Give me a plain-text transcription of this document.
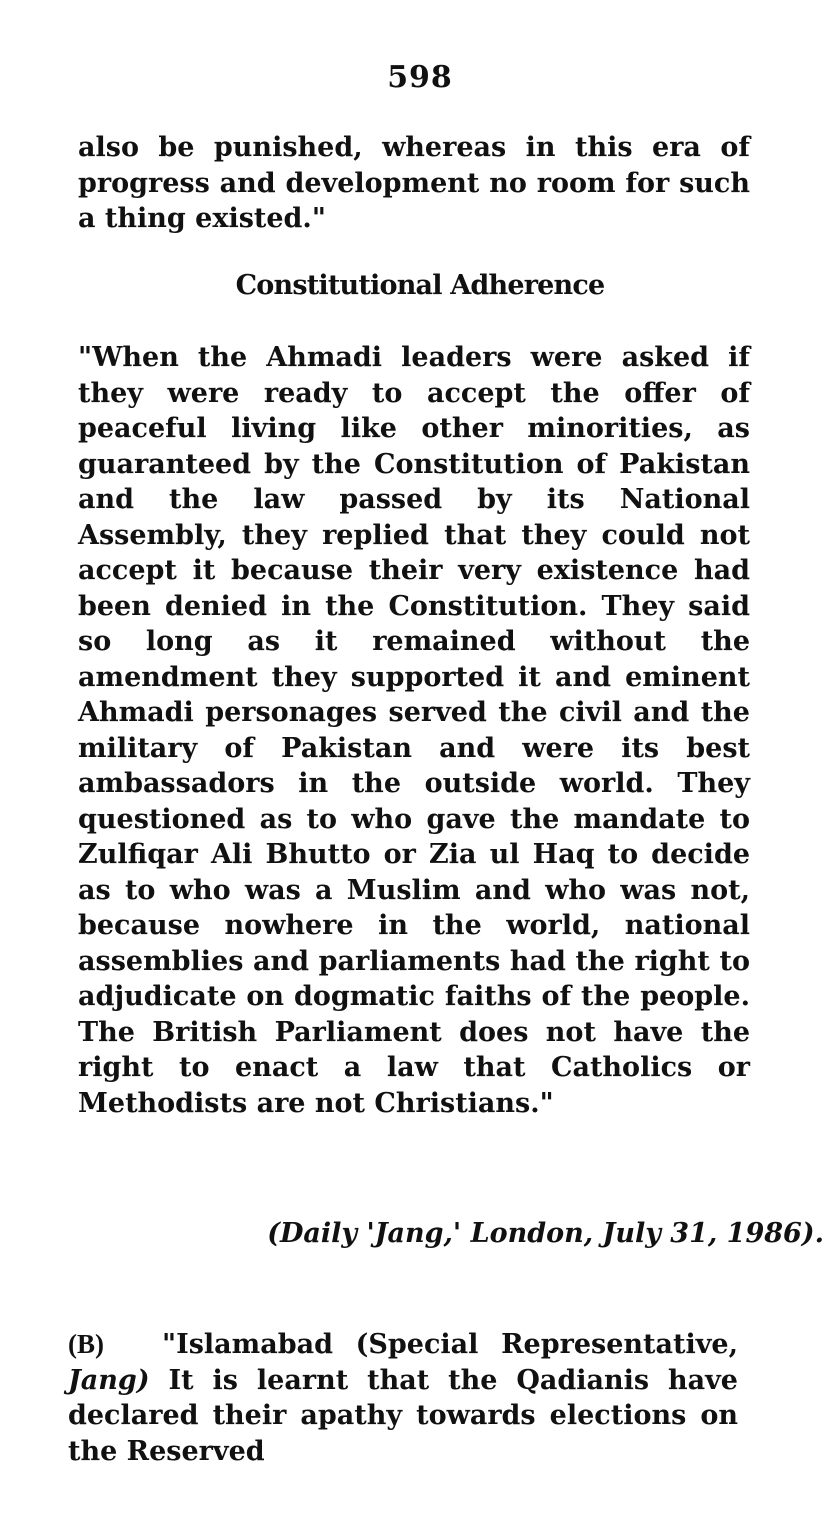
598

also be punished, whereas in this era of progress and development no room for such a thing existed."

Constitutional Adherence

"When the Ahmadi leaders were asked if they were ready to accept the offer of peaceful living like other minorities, as guaranteed by the Constitution of Pakistan and the law passed by its National Assembly, they replied that they could not accept it because their very existence had been denied in the Constitution. They said so long as it remained without the amendment they supported it and eminent Ahmadi personages served the civil and the military of Pakistan and were its best ambassadors in the outside world. They questioned as to who gave the mandate to Zulfiqar Ali Bhutto or Zia ul Haq to decide as to who was a Muslim and who was not, because nowhere in the world, national assemblies and parliaments had the right to adjudicate on dogmatic faiths of the people. The British Parliament does not have the right to enact a law that Catholics or Methodists are not Christians."

(Daily 'Jang,' London, July 31, 1986).

(B) "Islamabad (Special Representative, Jang) It is learnt that the Qadianis have declared their apathy towards elections on the Reserved
